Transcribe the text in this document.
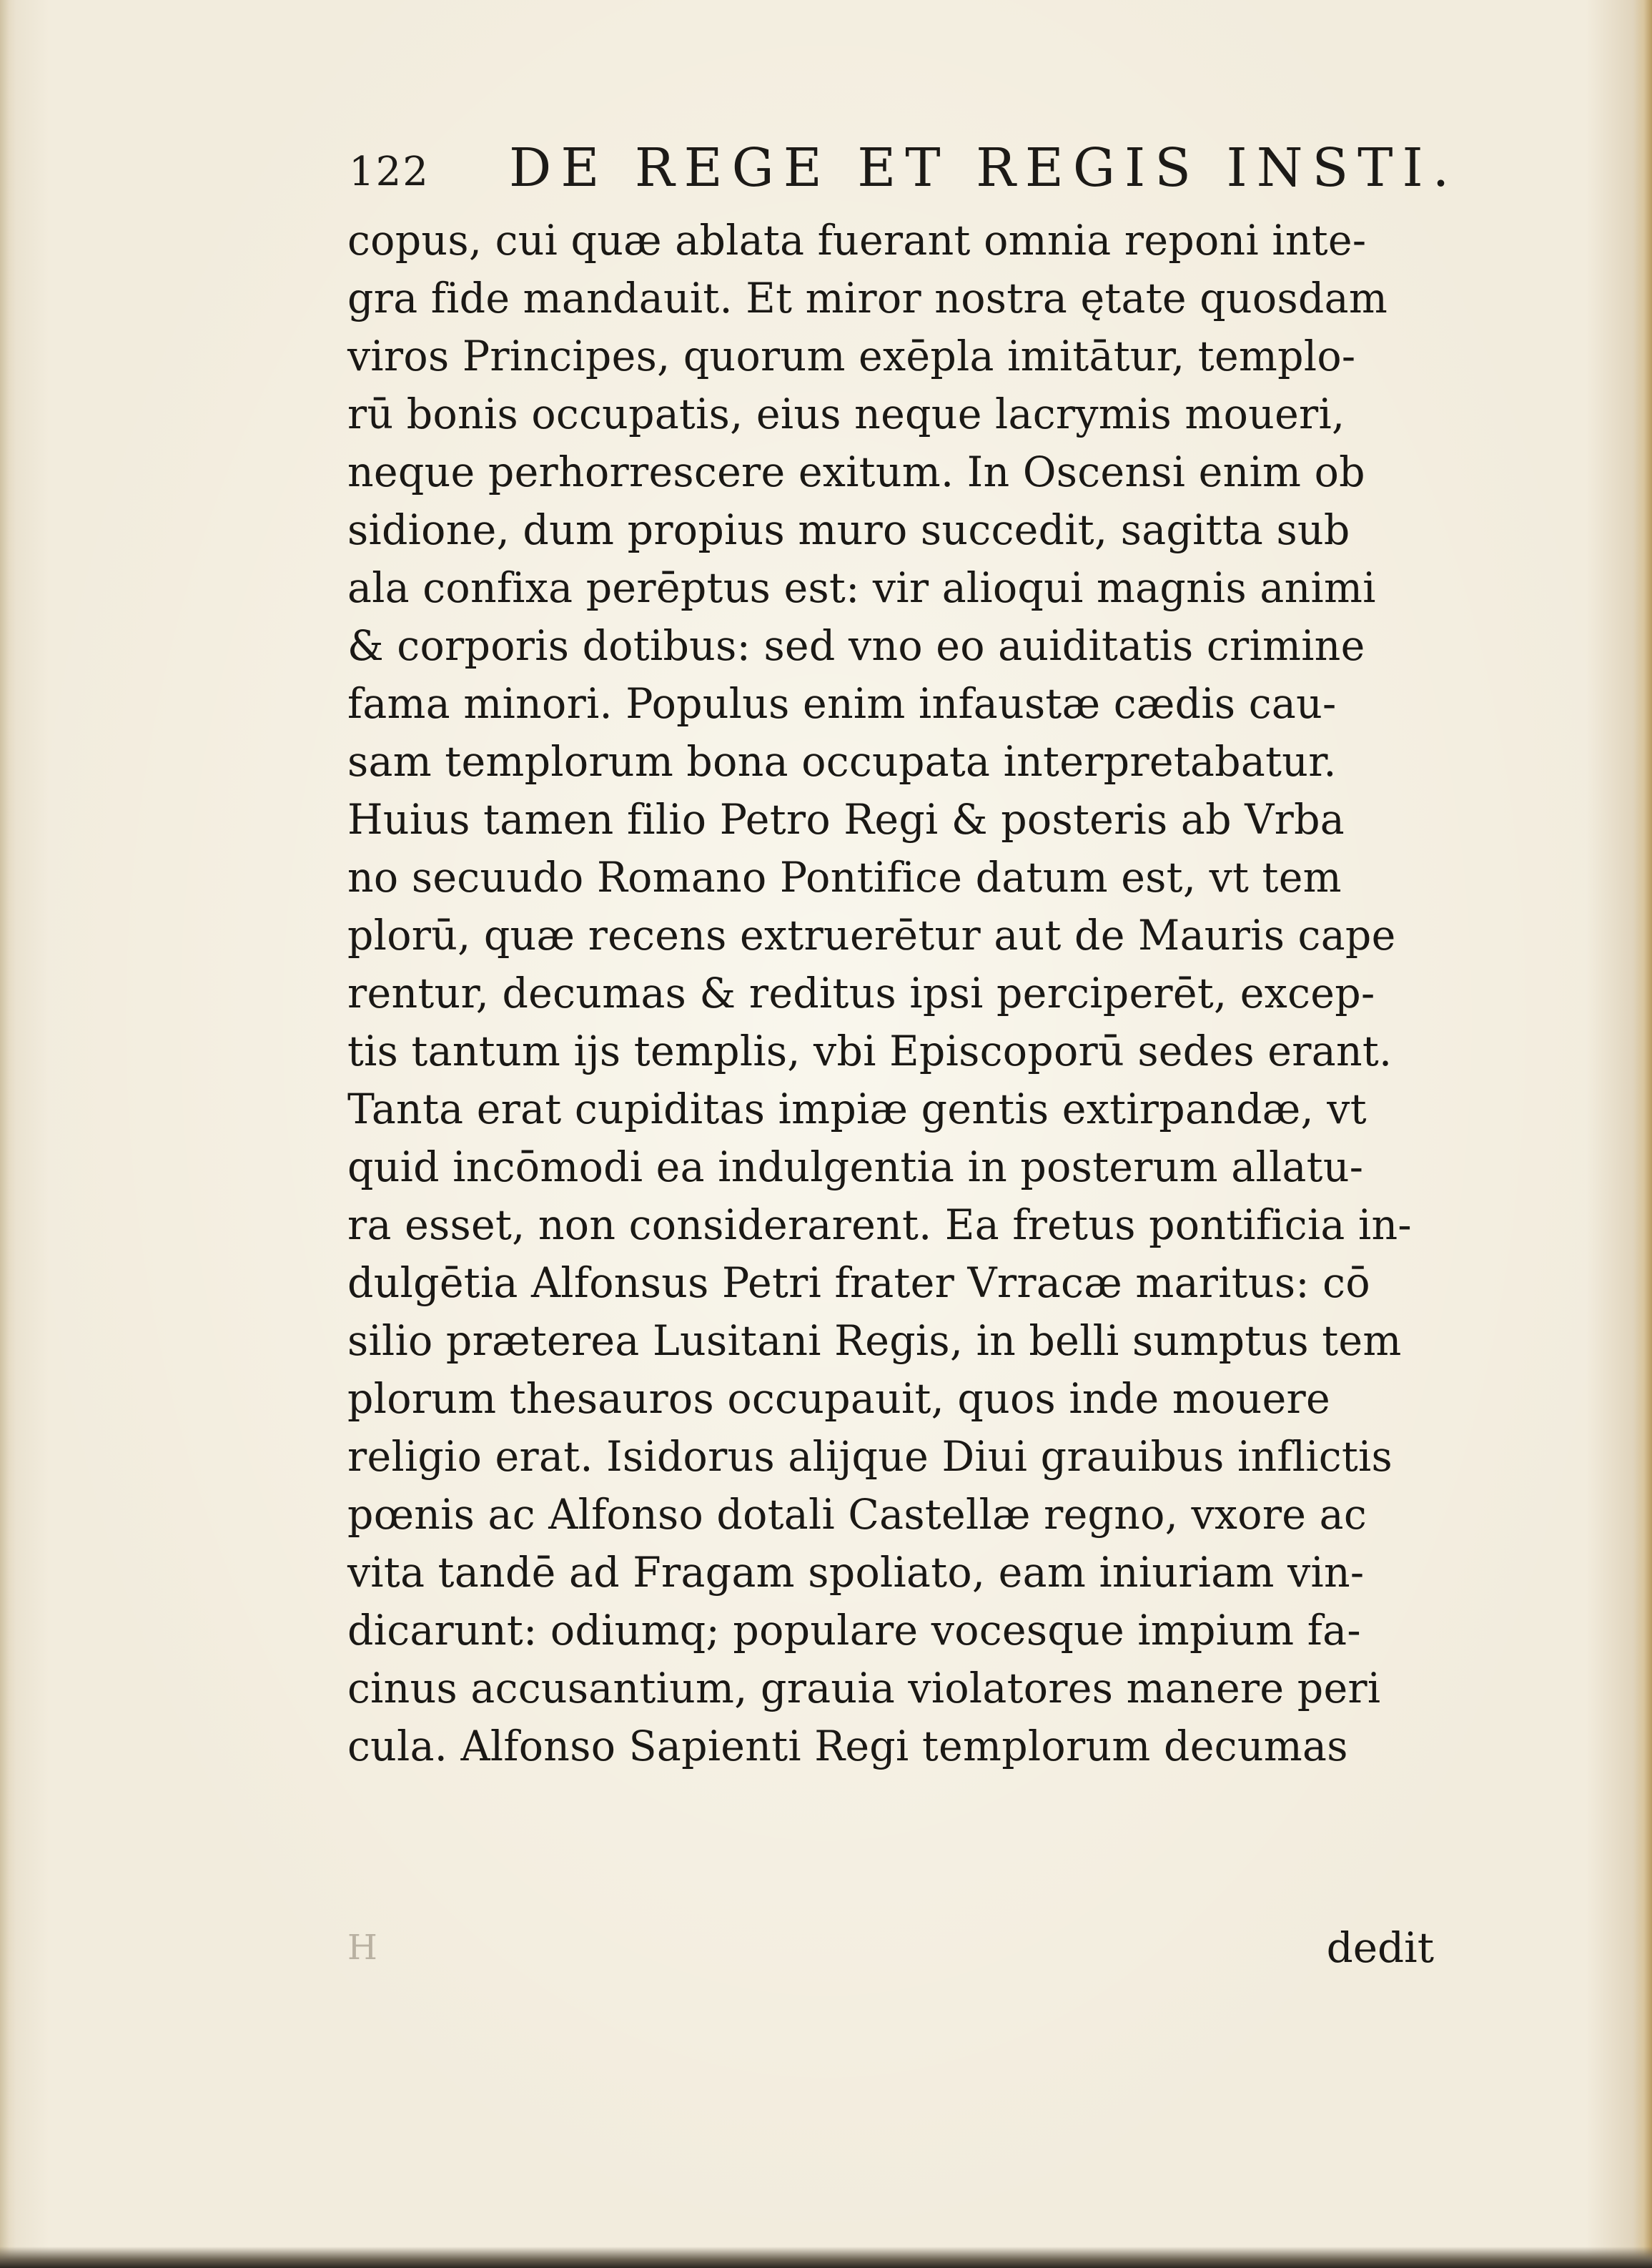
122 DE REGE ET REGIS INSTI.
copus, cui quæ ablata fuerant omnia reponi inte-
gra fide mandauit. Et miror nostra ętate quosdam
viros Principes, quorum exēpla imitātur, templo-
rū bonis occupatis, eius neque lacrymis moueri,
neque perhorrescere exitum. In Oscensi enim ob
sidione, dum propius muro succedit, sagitta sub
ala confixa perēptus est: vir alioqui magnis animi
& corporis dotibus: sed vno eo auiditatis crimine
fama minori. Populus enim infaustæ cædis cau-
sam templorum bona occupata interpretabatur.
Huius tamen filio Petro Regi & posteris ab Vrba
no secuudo Romano Pontifice datum est, vt tem
plorū, quæ recens extruerētur aut de Mauris cape
rentur, decumas & reditus ipsi perciperēt, excep-
tis tantum ijs templis, vbi Episcoporū sedes erant.
Tanta erat cupiditas impiæ gentis extirpandæ, vt
quid incōmodi ea indulgentia in posterum allatu-
ra esset, non considerarent. Ea fretus pontificia in-
dulgētia Alfonsus Petri frater Vrracæ maritus: cō
silio præterea Lusitani Regis, in belli sumptus tem
plorum thesauros occupauit, quos inde mouere
religio erat. Isidorus alijque Diui grauibus inflictis
pœnis ac Alfonso dotali Castellæ regno, vxore ac
vita tandē ad Fragam spoliato, eam iniuriam vin-
dicarunt: odiumq; populare vocesque impium fa-
cinus accusantium, grauia violatores manere peri
cula. Alfonso Sapienti Regi templorum decumas
H	dedit
